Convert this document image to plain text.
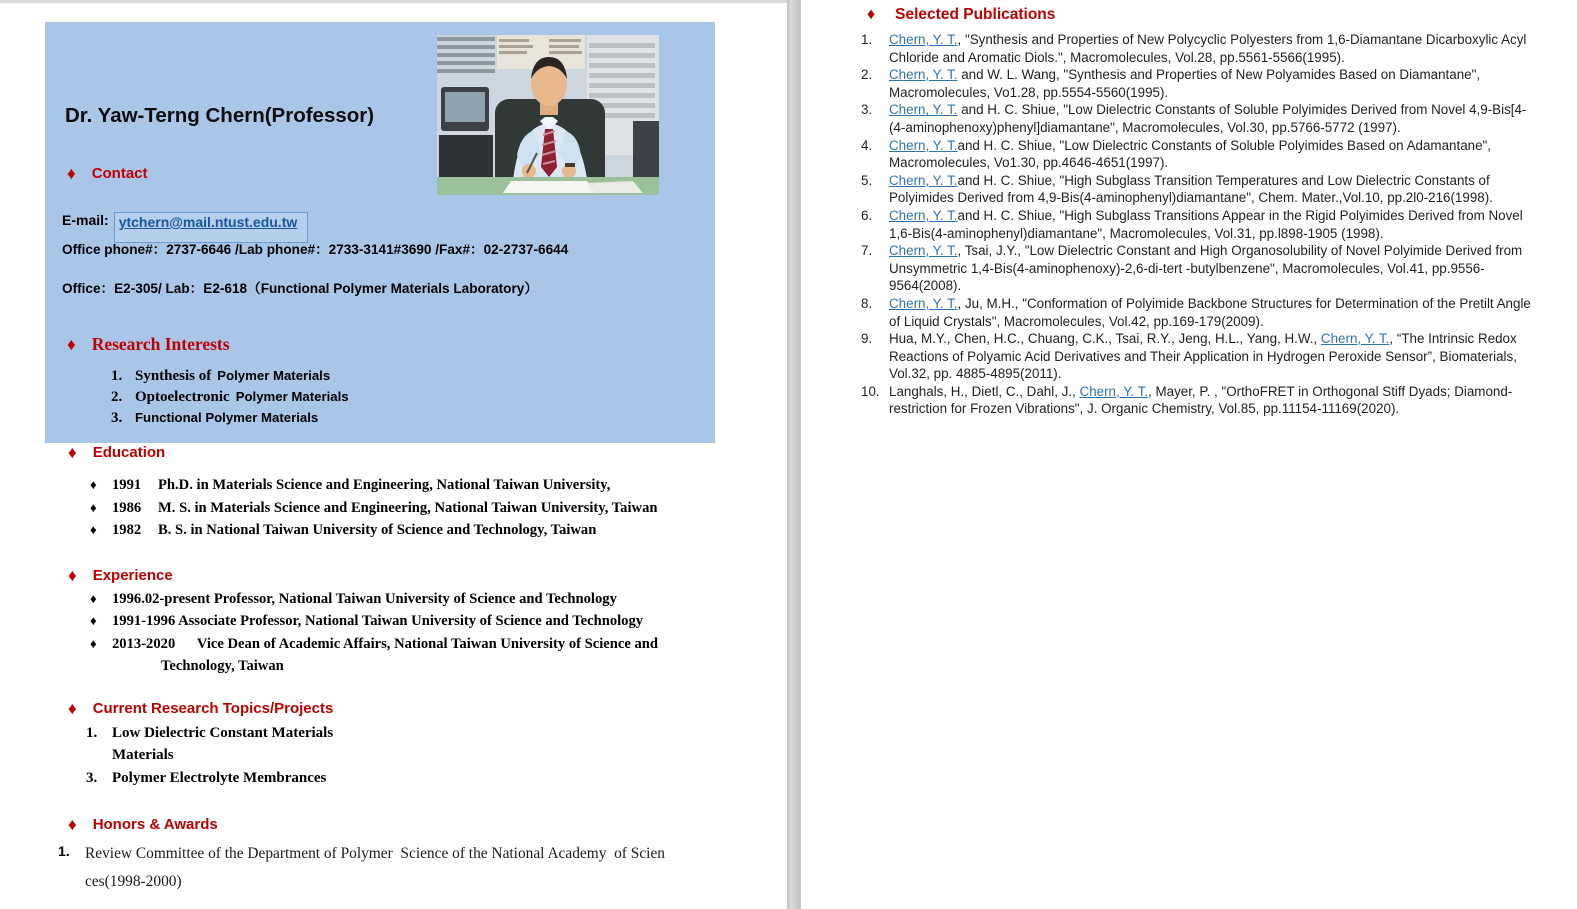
Dr. Yaw-Terng Chern(Professor)
♦ Contact
E-mail: ytchern@mail.ntust.edu.tw
Office phone#：2737-6646 /Lab phone#：2733-3141#3690 /Fax#：02-2737-6644
Office：E2-305/ Lab：E2-618（Functional Polymer Materials Laboratory）
♦ Research Interests
1. Synthesis of Polymer Materials
2. Optoelectronic Polymer Materials
3. Functional Polymer Materials
♦ Education
♦	1991	Ph.D. in Materials Science and Engineering, National Taiwan University,
♦	1986	M. S. in Materials Science and Engineering, National Taiwan University, Taiwan
♦	1982	B. S. in National Taiwan University of Science and Technology, Taiwan
♦ Experience
♦	1996.02-present Professor, National Taiwan University of Science and Technology
♦	1991-1996 Associate Professor, National Taiwan University of Science and Technology
♦	2013-2020      Vice Dean of Academic Affairs, National Taiwan University of Science and
Technology, Taiwan
♦ Current Research Topics/Projects
1. Low Dielectric Constant Materials
Materials
3. Polymer Electrolyte Membrances
♦ Honors & Awards
1. Review Committee of the Department of Polymer  Science of the National Academy  of Scien
ces(1998-2000)
♦ Selected Publications
1.	Chern, Y. T., "Synthesis and Properties of New Polycyclic Polyesters from 1,6-Diamantane Dicarboxylic Acyl Chloride and Aromatic Diols.", Macromolecules, Vol.28, pp.5561-5566(1995).
2.	Chern, Y. T. and W. L. Wang, "Synthesis and Properties of New Polyamides Based on Diamantane", Macromolecules, Vo1.28, pp.5554-5560(1995).
3.	Chern, Y. T. and H. C. Shiue, "Low Dielectric Constants of Soluble Polyimides Derived from Novel 4,9-Bis[4-(4-aminophenoxy)phenyl]diamantane", Macromolecules, Vol.30, pp.5766-5772 (1997).
4.	Chern, Y. T.and H. C. Shiue, "Low Dielectric Constants of Soluble Polyimides Based on Adamantane", Macromolecules, Vo1.30, pp.4646-4651(1997).
5.	Chern, Y. T.and H. C. Shiue, "High Subglass Transition Temperatures and Low Dielectric Constants of Polyimides Derived from 4,9-Bis(4-aminophenyl)diamantane", Chem. Mater.,Vol.10, pp.2l0-216(1998).
6.	Chern, Y. T.and H. C. Shiue, "High Subglass Transitions Appear in the Rigid Polyimides Derived from Novel 1,6-Bis(4-aminophenyl)diamantane", Macromolecules, Vol.31, pp.l898-1905 (1998).
7.	Chern, Y. T., Tsai, J.Y., "Low Dielectric Constant and High Organosolubility of Novel Polyimide Derived from Unsymmetric 1,4-Bis(4-aminophenoxy)-2,6-di-tert -butylbenzene", Macromolecules, Vol.41, pp.9556-9564(2008).
8.	Chern, Y. T., Ju, M.H., "Conformation of Polyimide Backbone Structures for Determination of the Pretilt Angle of Liquid Crystals", Macromolecules, Vol.42, pp.169-179(2009).
9.	Hua, M.Y., Chen, H.C., Chuang, C.K., Tsai, R.Y., Jeng, H.L., Yang, H.W., Chern, Y. T., “The Intrinsic Redox Reactions of Polyamic Acid Derivatives and Their Application in Hydrogen Peroxide Sensor”, Biomaterials, Vol.32, pp. 4885-4895(2011).
10. Langhals, H., Dietl, C., Dahl, J., Chern, Y. T., Mayer, P. , "OrthoFRET in Orthogonal Stiff Dyads; Diamond-restriction for Frozen Vibrations", J. Organic Chemistry, Vol.85, pp.11154-11169(2020).
